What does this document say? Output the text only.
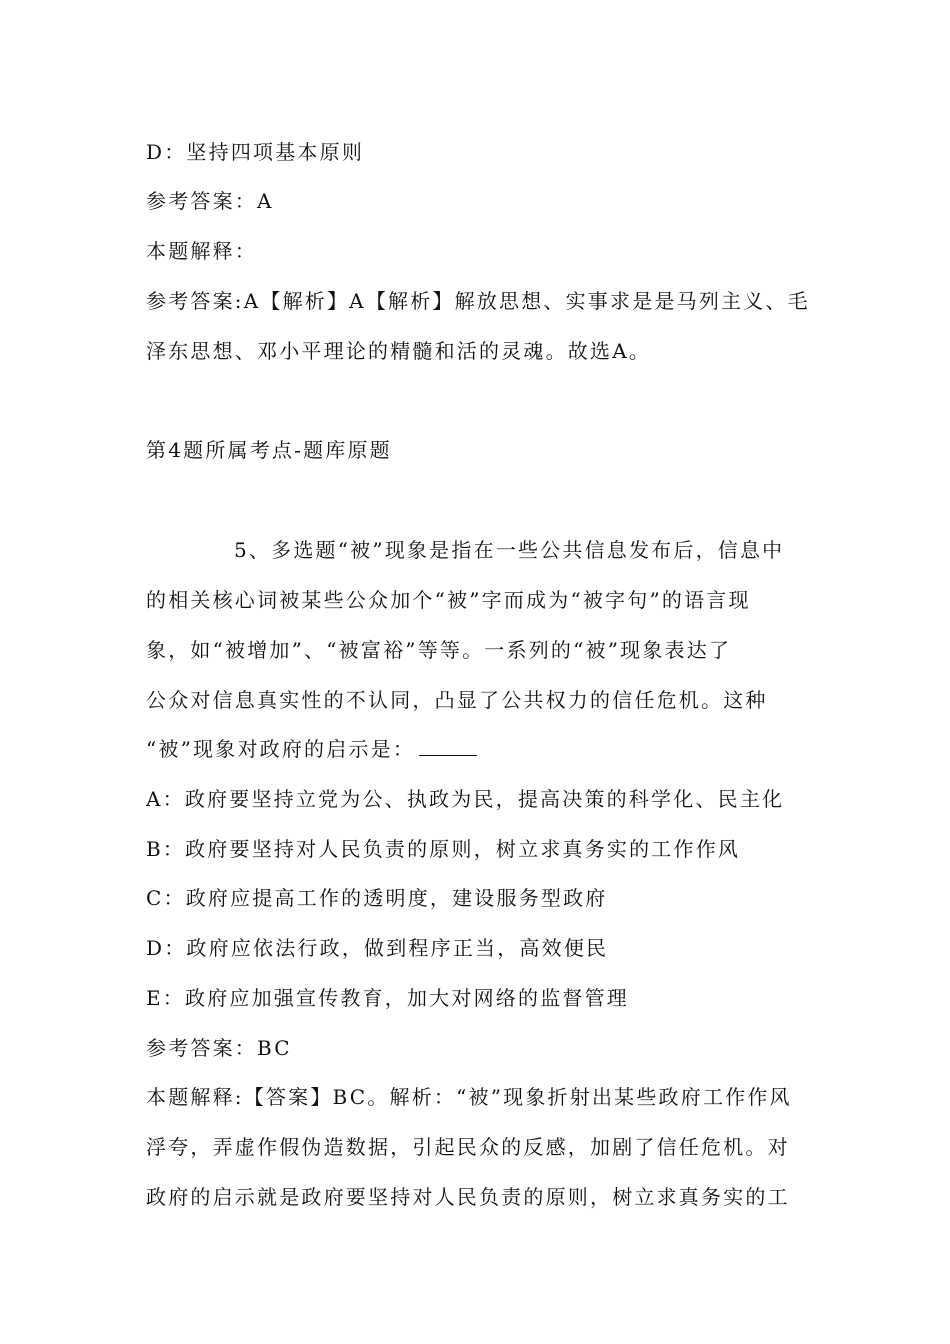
D：坚持四项基本原则
参考答案：A
本题解释：
参考答案:A【解析】A【解析】解放思想、实事求是是马列主义、毛
泽东思想、邓小平理论的精髓和活的灵魂。故选A。
第4题所属考点-题库原题
5、多选题“被”现象是指在一些公共信息发布后，信息中
的相关核心词被某些公众加个“被”字而成为“被字句”的语言现
象，如“被增加”、“被富裕”等等。一系列的“被”现象表达了
公众对信息真实性的不认同，凸显了公共权力的信任危机。这种
“被”现象对政府的启示是：
A：政府要坚持立党为公、执政为民，提高决策的科学化、民主化
B：政府要坚持对人民负责的原则，树立求真务实的工作作风
C：政府应提高工作的透明度，建设服务型政府
D：政府应依法行政，做到程序正当，高效便民
E：政府应加强宣传教育，加大对网络的监督管理
参考答案：BC
本题解释:【答案】BC。解析：“被”现象折射出某些政府工作作风
浮夸，弄虚作假伪造数据，引起民众的反感，加剧了信任危机。对
政府的启示就是政府要坚持对人民负责的原则，树立求真务实的工
